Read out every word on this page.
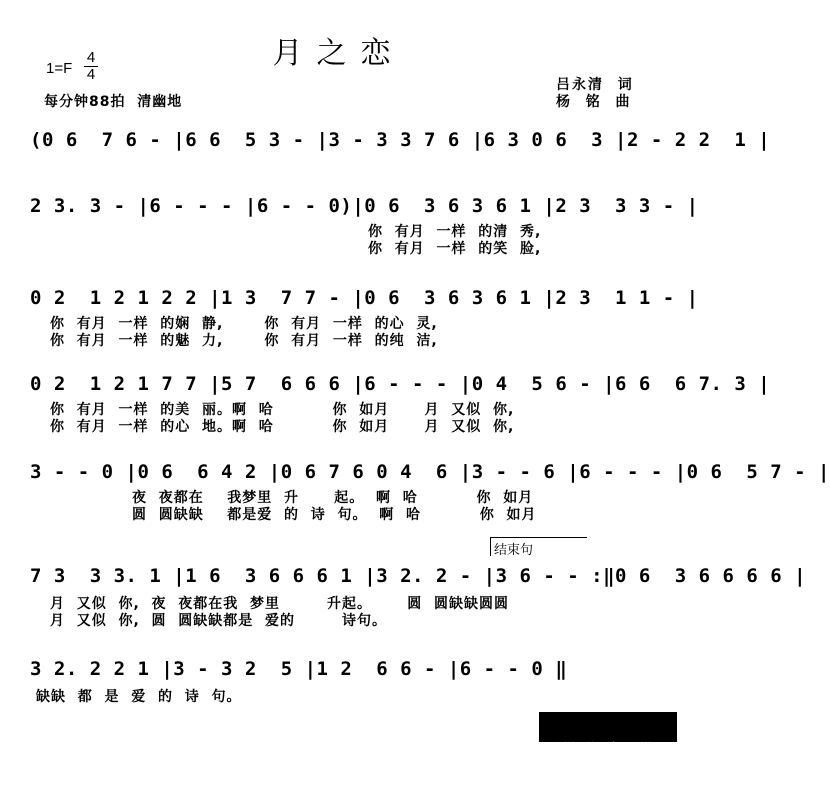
月之恋
1=F
4
4
每分钟88拍  清幽地
吕永清  词
杨  铭  曲
(0 6  7 6 - |6 6  5 3 - |3 - 3 3 7 6 |6 3 0 6  3 |2 - 2 2  1 |
2 3. 3 - |6 - - - |6 - - 0)|0 6  3 6 3 6 1 |2 3  3 3 - |
你  有月  一样  的清  秀,
你  有月  一样  的笑  脸,
0 2  1 2 1 2 2 |1 3  7 7 - |0 6  3 6 3 6 1 |2 3  1 1 - |
你  有月  一样  的娴  静,       你  有月  一样  的心  灵,
你  有月  一样  的魅  力,       你  有月  一样  的纯  洁,
0 2  1 2 1 7 7 |5 7  6 6 6 |6 - - - |0 4  5 6 - |6 6  6 7. 3 |
你  有月  一样  的美  丽。啊  哈          你  如月      月  又似  你,
你  有月  一样  的心  地。啊  哈          你  如月      月  又似  你,
3 - - 0 |0 6  6 4 2 |0 6 7 6 0 4  6 |3 - - 6 |6 - - - |0 6  5 7 - |
夜  夜都在    我梦里  升      起。  啊  哈          你  如月
圆  圆缺缺    都是爱  的  诗  句。  啊  哈          你  如月
结束句
7 3  3 3. 1 |1 6  3 6 6 6 1 |3 2. 2 - |3 6 - - :‖0 6  3 6 6 6 6 |
月  又似  你,  夜  夜都在我  梦里        升起。      圆  圆缺缺圆圆
月  又似  你,  圆  圆缺缺都是  爱的        诗句。
3 2. 2 2 1 |3 - 3 2  5 |1 2  6 6 - |6 - - 0 ‖
缺缺  都  是  爱  的  诗  句。

曲谱上传于中国曲谱网

HTTP://QUPU.HAO81.NET
